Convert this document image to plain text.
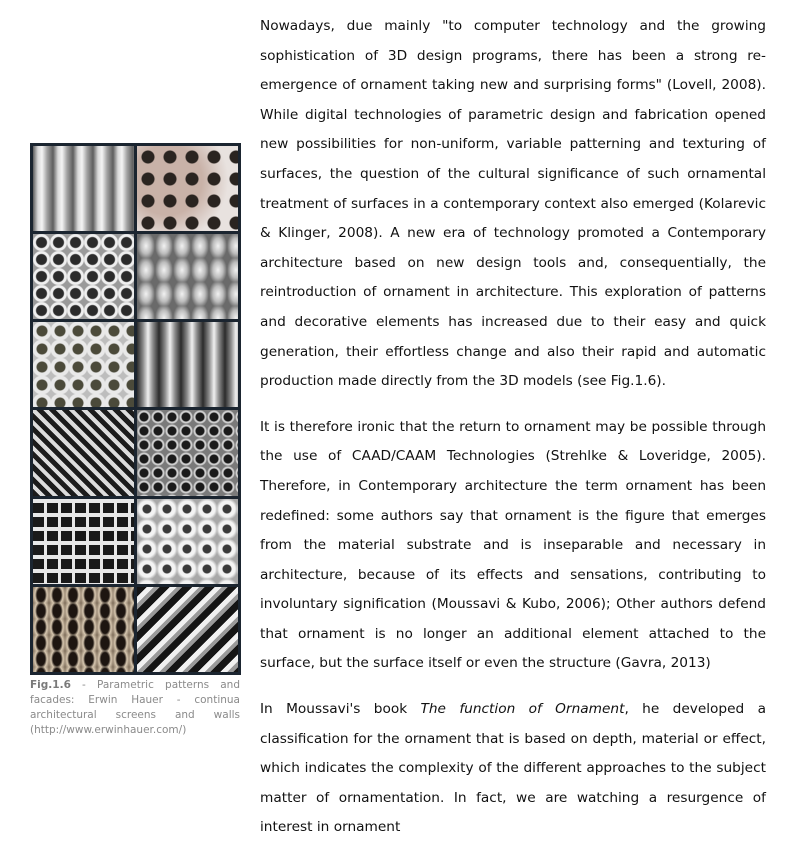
Fig.1.6 - Parametric patterns and facades: Erwin Hauer - continua architectural screens and walls (http://www.erwinhauer.com/)

Nowadays, due mainly "to computer technology and the growing sophistication of 3D design programs, there has been a strong re-emergence of ornament taking new and surprising forms" (Lovell, 2008). While digital technologies of parametric design and fabrication opened new possibilities for non-uniform, variable patterning and texturing of surfaces, the question of the cultural significance of such ornamental treatment of surfaces in a contemporary context also emerged (Kolarevic & Klinger, 2008). A new era of technology promoted a Contemporary architecture based on new design tools and, consequentially, the reintroduction of ornament in architecture. This exploration of patterns and decorative elements has increased due to their easy and quick generation, their effortless change and also their rapid and automatic production made directly from the 3D models (see Fig.1.6).

It is therefore ironic that the return to ornament may be possible through the use of CAAD/CAAM Technologies (Strehlke & Loveridge, 2005). Therefore, in Contemporary architecture the term ornament has been redefined: some authors say that ornament is the figure that emerges from the material substrate and is inseparable and necessary in architecture, because of its effects and sensations, contributing to involuntary signification (Moussavi & Kubo, 2006); Other authors defend that ornament is no longer an additional element attached to the surface, but the surface itself or even the structure (Gavra, 2013)

In Moussavi's book The function of Ornament, he developed a classification for the ornament that is based on depth, material or effect, which indicates the complexity of the different approaches to the subject matter of ornamentation. In fact, we are watching a resurgence of interest in ornament
